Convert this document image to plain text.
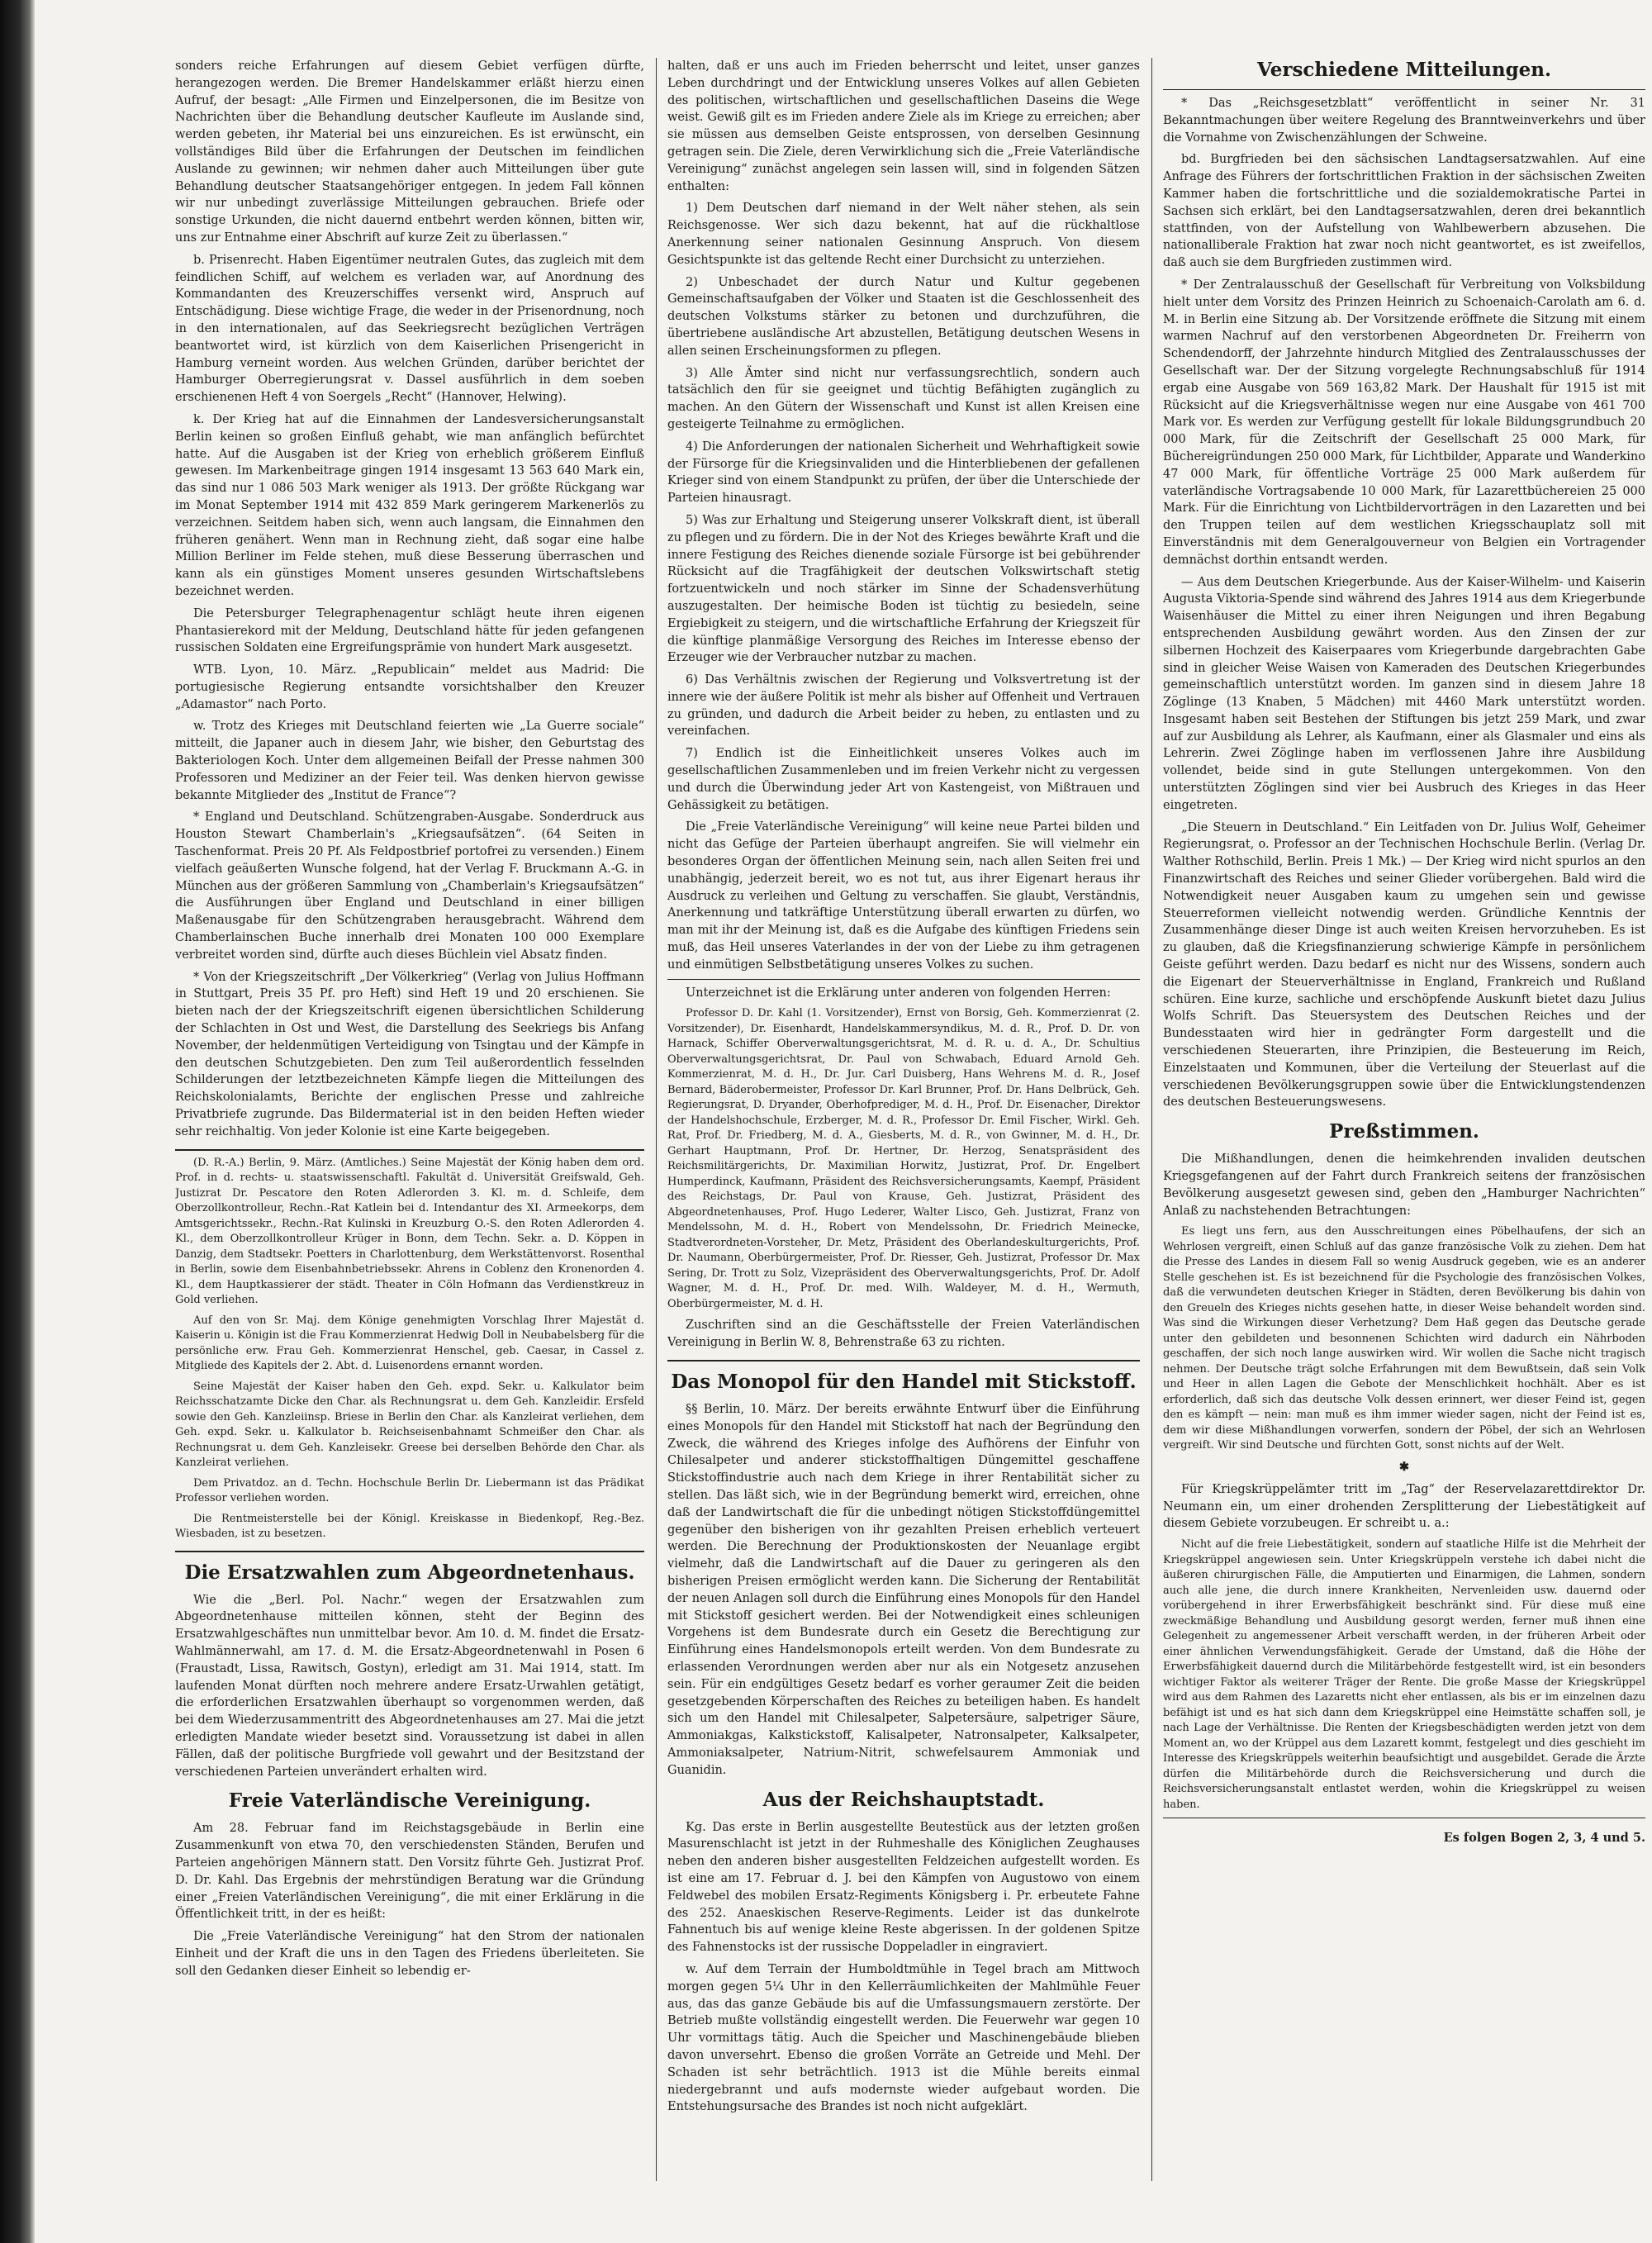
sonders reiche Erfahrungen auf diesem Gebiet verfügen dürfte, herangezogen werden. Die Bremer Handelskammer erläßt hierzu einen Aufruf, der besagt: „Alle Firmen und Einzelpersonen, die im Besitze von Nachrichten über die Behandlung deutscher Kaufleute im Auslande sind, werden gebeten, ihr Material bei uns einzureichen. Es ist erwünscht, ein vollständiges Bild über die Erfahrungen der Deutschen im feindlichen Auslande zu gewinnen; wir nehmen daher auch Mitteilungen über gute Behandlung deutscher Staatsangehöriger entgegen. In jedem Fall können wir nur unbedingt zuverlässige Mitteilungen gebrauchen. Briefe oder sonstige Urkunden, die nicht dauernd entbehrt werden können, bitten wir, uns zur Entnahme einer Abschrift auf kurze Zeit zu überlassen.“

b. Prisenrecht. Haben Eigentümer neutralen Gutes, das zugleich mit dem feindlichen Schiff, auf welchem es verladen war, auf Anordnung des Kommandanten des Kreuzerschiffes versenkt wird, Anspruch auf Entschädigung. Diese wichtige Frage, die weder in der Prisenordnung, noch in den internationalen, auf das Seekriegsrecht bezüglichen Verträgen beantwortet wird, ist kürzlich von dem Kaiserlichen Prisengericht in Hamburg verneint worden. Aus welchen Gründen, darüber berichtet der Hamburger Oberregierungsrat v. Dassel ausführlich in dem soeben erschienenen Heft 4 von Soergels „Recht“ (Hannover, Helwing).

k. Der Krieg hat auf die Einnahmen der Landesversicherungsanstalt Berlin keinen so großen Einfluß gehabt, wie man anfänglich befürchtet hatte. Auf die Ausgaben ist der Krieg von erheblich größerem Einfluß gewesen. Im Markenbeitrage gingen 1914 insgesamt 13 563 640 Mark ein, das sind nur 1 086 503 Mark weniger als 1913. Der größte Rückgang war im Monat September 1914 mit 432 859 Mark geringerem Markenerlös zu verzeichnen. Seitdem haben sich, wenn auch langsam, die Einnahmen den früheren genähert. Wenn man in Rechnung zieht, daß sogar eine halbe Million Berliner im Felde stehen, muß diese Besserung überraschen und kann als ein günstiges Moment unseres gesunden Wirtschaftslebens bezeichnet werden.

Die Petersburger Telegraphenagentur schlägt heute ihren eigenen Phantasierekord mit der Meldung, Deutschland hätte für jeden gefangenen russischen Soldaten eine Ergreifungsprämie von hundert Mark ausgesetzt.

WTB. Lyon, 10. März. „Republicain“ meldet aus Madrid: Die portugiesische Regierung entsandte vorsichtshalber den Kreuzer „Adamastor“ nach Porto.

w. Trotz des Krieges mit Deutschland feierten wie „La Guerre sociale“ mitteilt, die Japaner auch in diesem Jahr, wie bisher, den Geburtstag des Bakteriologen Koch. Unter dem allgemeinen Beifall der Presse nahmen 300 Professoren und Mediziner an der Feier teil. Was denken hiervon gewisse bekannte Mitglieder des „Institut de France“?

* England und Deutschland. Schützengraben-Ausgabe. Sonderdruck aus Houston Stewart Chamberlain's „Kriegsaufsätzen“. (64 Seiten in Taschenformat. Preis 20 Pf. Als Feldpostbrief portofrei zu versenden.) Einem vielfach geäußerten Wunsche folgend, hat der Verlag F. Bruckmann A.-G. in München aus der größeren Sammlung von „Chamberlain's Kriegsaufsätzen“ die Ausführungen über England und Deutschland in einer billigen Maßenausgabe für den Schützengraben herausgebracht. Während dem Chamberlainschen Buche innerhalb drei Monaten 100 000 Exemplare verbreitet worden sind, dürfte auch dieses Büchlein viel Absatz finden.

* Von der Kriegszeitschrift „Der Völkerkrieg“ (Verlag von Julius Hoffmann in Stuttgart, Preis 35 Pf. pro Heft) sind Heft 19 und 20 erschienen. Sie bieten nach der der Kriegszeitschrift eigenen übersichtlichen Schilderung der Schlachten in Ost und West, die Darstellung des Seekriegs bis Anfang November, der heldenmütigen Verteidigung von Tsingtau und der Kämpfe in den deutschen Schutzgebieten. Den zum Teil außerordentlich fesselnden Schilderungen der letztbezeichneten Kämpfe liegen die Mitteilungen des Reichskolonialamts, Berichte der englischen Presse und zahlreiche Privatbriefe zugrunde. Das Bildermaterial ist in den beiden Heften wieder sehr reichhaltig. Von jeder Kolonie ist eine Karte beigegeben.

(D. R.-A.) Berlin, 9. März. (Amtliches.) Seine Majestät der König haben dem ord. Prof. in d. rechts- u. staatswissenschaftl. Fakultät d. Universität Greifswald, Geh. Justizrat Dr. Pescatore den Roten Adlerorden 3. Kl. m. d. Schleife, dem Oberzollkontrolleur, Rechn.-Rat Katlein bei d. Intendantur des XI. Armeekorps, dem Amtsgerichtssekr., Rechn.-Rat Kulinski in Kreuzburg O.-S. den Roten Adlerorden 4. Kl., dem Oberzollkontrolleur Krüger in Bonn, dem Techn. Sekr. a. D. Köppen in Danzig, dem Stadtsekr. Poetters in Charlottenburg, dem Werkstättenvorst. Rosenthal in Berlin, sowie dem Eisenbahnbetriebssekr. Ahrens in Coblenz den Kronenorden 4. Kl., dem Hauptkassierer der städt. Theater in Cöln Hofmann das Verdienstkreuz in Gold verliehen.

Auf den von Sr. Maj. dem Könige genehmigten Vorschlag Ihrer Majestät d. Kaiserin u. Königin ist die Frau Kommerzienrat Hedwig Doll in Neubabelsberg für die persönliche erw. Frau Geh. Kommerzienrat Henschel, geb. Caesar, in Cassel z. Mitgliede des Kapitels der 2. Abt. d. Luisenordens ernannt worden.

Seine Majestät der Kaiser haben den Geh. expd. Sekr. u. Kalkulator beim Reichsschatzamte Dicke den Char. als Rechnungsrat u. dem Geh. Kanzleidir. Ersfeld sowie den Geh. Kanzleiinsp. Briese in Berlin den Char. als Kanzleirat verliehen, dem Geh. expd. Sekr. u. Kalkulator b. Reichseisenbahnamt Schmeißer den Char. als Rechnungsrat u. dem Geh. Kanzleisekr. Greese bei derselben Behörde den Char. als Kanzleirat verliehen.

Dem Privatdoz. an d. Techn. Hochschule Berlin Dr. Liebermann ist das Prädikat Professor verliehen worden.

Die Rentmeisterstelle bei der Königl. Kreiskasse in Biedenkopf, Reg.-Bez. Wiesbaden, ist zu besetzen.

Die Ersatzwahlen zum Abgeordnetenhaus.

Wie die „Berl. Pol. Nachr.“ wegen der Ersatzwahlen zum Abgeordnetenhause mitteilen können, steht der Beginn des Ersatzwahlgeschäftes nun unmittelbar bevor. Am 10. d. M. findet die Ersatz-Wahlmännerwahl, am 17. d. M. die Ersatz-Abgeordnetenwahl in Posen 6 (Fraustadt, Lissa, Rawitsch, Gostyn), erledigt am 31. Mai 1914, statt. Im laufenden Monat dürften noch mehrere andere Ersatz-Urwahlen getätigt, die erforderlichen Ersatzwahlen überhaupt so vorgenommen werden, daß bei dem Wiederzusammentritt des Abgeordnetenhauses am 27. Mai die jetzt erledigten Mandate wieder besetzt sind. Voraussetzung ist dabei in allen Fällen, daß der politische Burgfriede voll gewahrt und der Besitzstand der verschiedenen Parteien unverändert erhalten wird.

Freie Vaterländische Vereinigung.

Am 28. Februar fand im Reichstagsgebäude in Berlin eine Zusammenkunft von etwa 70, den verschiedensten Ständen, Berufen und Parteien angehörigen Männern statt. Den Vorsitz führte Geh. Justizrat Prof. D. Dr. Kahl. Das Ergebnis der mehrstündigen Beratung war die Gründung einer „Freien Vaterländischen Vereinigung“, die mit einer Erklärung in die Öffentlichkeit tritt, in der es heißt:

Die „Freie Vaterländische Vereinigung“ hat den Strom der nationalen Einheit und der Kraft die uns in den Tagen des Friedens überleiteten. Sie soll den Gedanken dieser Einheit so lebendig er-

halten, daß er uns auch im Frieden beherrscht und leitet, unser ganzes Leben durchdringt und der Entwicklung unseres Volkes auf allen Gebieten des politischen, wirtschaftlichen und gesellschaftlichen Daseins die Wege weist. Gewiß gilt es im Frieden andere Ziele als im Kriege zu erreichen; aber sie müssen aus demselben Geiste entsprossen, von derselben Gesinnung getragen sein. Die Ziele, deren Verwirklichung sich die „Freie Vaterländische Vereinigung“ zunächst angelegen sein lassen will, sind in folgenden Sätzen enthalten:

1) Dem Deutschen darf niemand in der Welt näher stehen, als sein Reichsgenosse. Wer sich dazu bekennt, hat auf die rückhaltlose Anerkennung seiner nationalen Gesinnung Anspruch. Von diesem Gesichtspunkte ist das geltende Recht einer Durchsicht zu unterziehen.

2) Unbeschadet der durch Natur und Kultur gegebenen Gemeinschaftsaufgaben der Völker und Staaten ist die Geschlossenheit des deutschen Volkstums stärker zu betonen und durchzuführen, die übertriebene ausländische Art abzustellen, Betätigung deutschen Wesens in allen seinen Erscheinungsformen zu pflegen.

3) Alle Ämter sind nicht nur verfassungsrechtlich, sondern auch tatsächlich den für sie geeignet und tüchtig Befähigten zugänglich zu machen. An den Gütern der Wissenschaft und Kunst ist allen Kreisen eine gesteigerte Teilnahme zu ermöglichen.

4) Die Anforderungen der nationalen Sicherheit und Wehrhaftigkeit sowie der Fürsorge für die Kriegsinvaliden und die Hinterbliebenen der gefallenen Krieger sind von einem Standpunkt zu prüfen, der über die Unterschiede der Parteien hinausragt.

5) Was zur Erhaltung und Steigerung unserer Volkskraft dient, ist überall zu pflegen und zu fördern. Die in der Not des Krieges bewährte Kraft und die innere Festigung des Reiches dienende soziale Fürsorge ist bei gebührender Rücksicht auf die Tragfähigkeit der deutschen Volkswirtschaft stetig fortzuentwickeln und noch stärker im Sinne der Schadensverhütung auszugestalten. Der heimische Boden ist tüchtig zu besiedeln, seine Ergiebigkeit zu steigern, und die wirtschaftliche Erfahrung der Kriegszeit für die künftige planmäßige Versorgung des Reiches im Interesse ebenso der Erzeuger wie der Verbraucher nutzbar zu machen.

6) Das Verhältnis zwischen der Regierung und Volksvertretung ist der innere wie der äußere Politik ist mehr als bisher auf Offenheit und Vertrauen zu gründen, und dadurch die Arbeit beider zu heben, zu entlasten und zu vereinfachen.

7) Endlich ist die Einheitlichkeit unseres Volkes auch im gesellschaftlichen Zusammenleben und im freien Verkehr nicht zu vergessen und durch die Überwindung jeder Art von Kastengeist, von Mißtrauen und Gehässigkeit zu betätigen.

Die „Freie Vaterländische Vereinigung“ will keine neue Partei bilden und nicht das Gefüge der Parteien überhaupt angreifen. Sie will vielmehr ein besonderes Organ der öffentlichen Meinung sein, nach allen Seiten frei und unabhängig, jederzeit bereit, wo es not tut, aus ihrer Eigenart heraus ihr Ausdruck zu verleihen und Geltung zu verschaffen. Sie glaubt, Verständnis, Anerkennung und tatkräftige Unterstützung überall erwarten zu dürfen, wo man mit ihr der Meinung ist, daß es die Aufgabe des künftigen Friedens sein muß, das Heil unseres Vaterlandes in der von der Liebe zu ihm getragenen und einmütigen Selbstbetätigung unseres Volkes zu suchen.

Unterzeichnet ist die Erklärung unter anderen von folgenden Herren:

Professor D. Dr. Kahl (1. Vorsitzender), Ernst von Borsig, Geh. Kommerzienrat (2. Vorsitzender), Dr. Eisenhardt, Handelskammersyndikus, M. d. R., Prof. D. Dr. von Harnack, Schiffer Oberverwaltungsgerichtsrat, M. d. R. u. d. A., Dr. Schultius Oberverwaltungsgerichtsrat, Dr. Paul von Schwabach, Eduard Arnold Geh. Kommerzienrat, M. d. H., Dr. Jur. Carl Duisberg, Hans Wehrens M. d. R., Josef Bernard, Bäderobermeister, Professor Dr. Karl Brunner, Prof. Dr. Hans Delbrück, Geh. Regierungsrat, D. Dryander, Oberhofprediger, M. d. H., Prof. Dr. Eisenacher, Direktor der Handelshochschule, Erzberger, M. d. R., Professor Dr. Emil Fischer, Wirkl. Geh. Rat, Prof. Dr. Friedberg, M. d. A., Giesberts, M. d. R., von Gwinner, M. d. H., Dr. Gerhart Hauptmann, Prof. Dr. Hertner, Dr. Herzog, Senatspräsident des Reichsmilitärgerichts, Dr. Maximilian Horwitz, Justizrat, Prof. Dr. Engelbert Humperdinck, Kaufmann, Präsident des Reichsversicherungsamts, Kaempf, Präsident des Reichstags, Dr. Paul von Krause, Geh. Justizrat, Präsident des Abgeordnetenhauses, Prof. Hugo Lederer, Walter Lisco, Geh. Justizrat, Franz von Mendelssohn, M. d. H., Robert von Mendelssohn, Dr. Friedrich Meinecke, Stadtverordneten-Vorsteher, Dr. Metz, Präsident des Oberlandeskulturgerichts, Prof. Dr. Naumann, Oberbürgermeister, Prof. Dr. Riesser, Geh. Justizrat, Professor Dr. Max Sering, Dr. Trott zu Solz, Vizepräsident des Oberverwaltungsgerichts, Prof. Dr. Adolf Wagner, M. d. H., Prof. Dr. med. Wilh. Waldeyer, M. d. H., Wermuth, Oberbürgermeister, M. d. H.

Zuschriften sind an die Geschäftsstelle der Freien Vaterländischen Vereinigung in Berlin W. 8, Behrenstraße 63 zu richten.

Das Monopol für den Handel mit Stickstoff.

§§ Berlin, 10. März. Der bereits erwähnte Entwurf über die Einführung eines Monopols für den Handel mit Stickstoff hat nach der Begründung den Zweck, die während des Krieges infolge des Aufhörens der Einfuhr von Chilesalpeter und anderer stickstoffhaltigen Düngemittel geschaffene Stickstoffindustrie auch nach dem Kriege in ihrer Rentabilität sicher zu stellen. Das läßt sich, wie in der Begründung bemerkt wird, erreichen, ohne daß der Landwirtschaft die für die unbedingt nötigen Stickstoffdüngemittel gegenüber den bisherigen von ihr gezahlten Preisen erheblich verteuert werden. Die Berechnung der Produktionskosten der Neuanlage ergibt vielmehr, daß die Landwirtschaft auf die Dauer zu geringeren als den bisherigen Preisen ermöglicht werden kann. Die Sicherung der Rentabilität der neuen Anlagen soll durch die Einführung eines Monopols für den Handel mit Stickstoff gesichert werden. Bei der Notwendigkeit eines schleunigen Vorgehens ist dem Bundesrate durch ein Gesetz die Berechtigung zur Einführung eines Handelsmonopols erteilt werden. Von dem Bundesrate zu erlassenden Verordnungen werden aber nur als ein Notgesetz anzusehen sein. Für ein endgültiges Gesetz bedarf es vorher geraumer Zeit die beiden gesetzgebenden Körperschaften des Reiches zu beteiligen haben. Es handelt sich um den Handel mit Chilesalpeter, Salpetersäure, salpetriger Säure, Ammoniakgas, Kalkstickstoff, Kalisalpeter, Natronsalpeter, Kalksalpeter, Ammoniaksalpeter, Natrium-Nitrit, schwefelsaurem Ammoniak und Guanidin.

Aus der Reichshauptstadt.

Kg. Das erste in Berlin ausgestellte Beutestück aus der letzten großen Masurenschlacht ist jetzt in der Ruhmeshalle des Königlichen Zeughauses neben den anderen bisher ausgestellten Feldzeichen aufgestellt worden. Es ist eine am 17. Februar d. J. bei den Kämpfen von Augustowo von einem Feldwebel des mobilen Ersatz-Regiments Königsberg i. Pr. erbeutete Fahne des 252. Anaeskischen Reserve-Regiments. Leider ist das dunkelrote Fahnentuch bis auf wenige kleine Reste abgerissen. In der goldenen Spitze des Fahnenstocks ist der russische Doppeladler in eingraviert.

w. Auf dem Terrain der Humboldtmühle in Tegel brach am Mittwoch morgen gegen 5¼ Uhr in den Kellerräumlichkeiten der Mahlmühle Feuer aus, das das ganze Gebäude bis auf die Umfassungsmauern zerstörte. Der Betrieb mußte vollständig eingestellt werden. Die Feuerwehr war gegen 10 Uhr vormittags tätig. Auch die Speicher und Maschinengebäude blieben davon unversehrt. Ebenso die großen Vorräte an Getreide und Mehl. Der Schaden ist sehr beträchtlich. 1913 ist die Mühle bereits einmal niedergebrannt und aufs modernste wieder aufgebaut worden. Die Entstehungsursache des Brandes ist noch nicht aufgeklärt.

Verschiedene Mitteilungen.

* Das „Reichsgesetzblatt“ veröffentlicht in seiner Nr. 31 Bekanntmachungen über weitere Regelung des Branntweinverkehrs und über die Vornahme von Zwischenzählungen der Schweine.

bd. Burgfrieden bei den sächsischen Landtagsersatzwahlen. Auf eine Anfrage des Führers der fortschrittlichen Fraktion in der sächsischen Zweiten Kammer haben die fortschrittliche und die sozialdemokratische Partei in Sachsen sich erklärt, bei den Landtagsersatzwahlen, deren drei bekanntlich stattfinden, von der Aufstellung von Wahlbewerbern abzusehen. Die nationalliberale Fraktion hat zwar noch nicht geantwortet, es ist zweifellos, daß auch sie dem Burgfrieden zustimmen wird.

* Der Zentralausschuß der Gesellschaft für Verbreitung von Volksbildung hielt unter dem Vorsitz des Prinzen Heinrich zu Schoenaich-Carolath am 6. d. M. in Berlin eine Sitzung ab. Der Vorsitzende eröffnete die Sitzung mit einem warmen Nachruf auf den verstorbenen Abgeordneten Dr. Freiherrn von Schendendorff, der Jahrzehnte hindurch Mitglied des Zentralausschusses der Gesellschaft war. Der der Sitzung vorgelegte Rechnungsabschluß für 1914 ergab eine Ausgabe von 569 163,82 Mark. Der Haushalt für 1915 ist mit Rücksicht auf die Kriegsverhältnisse wegen nur eine Ausgabe von 461 700 Mark vor. Es werden zur Verfügung gestellt für lokale Bildungsgrundbuch 20 000 Mark, für die Zeitschrift der Gesellschaft 25 000 Mark, für Büchereigründungen 250 000 Mark, für Lichtbilder, Apparate und Wanderkino 47 000 Mark, für öffentliche Vorträge 25 000 Mark außerdem für vaterländische Vortragsabende 10 000 Mark, für Lazarettbüchereien 25 000 Mark. Für die Einrichtung von Lichtbildervorträgen in den Lazaretten und bei den Truppen teilen auf dem westlichen Kriegsschauplatz soll mit Einverständnis mit dem Generalgouverneur von Belgien ein Vortragender demnächst dorthin entsandt werden.

— Aus dem Deutschen Kriegerbunde. Aus der Kaiser-Wilhelm- und Kaiserin Augusta Viktoria-Spende sind während des Jahres 1914 aus dem Kriegerbunde Waisenhäuser die Mittel zu einer ihren Neigungen und ihren Begabung entsprechenden Ausbildung gewährt worden. Aus den Zinsen der zur silbernen Hochzeit des Kaiserpaares vom Kriegerbunde dargebrachten Gabe sind in gleicher Weise Waisen von Kameraden des Deutschen Kriegerbundes gemeinschaftlich unterstützt worden. Im ganzen sind in diesem Jahre 18 Zöglinge (13 Knaben, 5 Mädchen) mit 4460 Mark unterstützt worden. Insgesamt haben seit Bestehen der Stiftungen bis jetzt 259 Mark, und zwar auf zur Ausbildung als Lehrer, als Kaufmann, einer als Glasmaler und eins als Lehrerin. Zwei Zöglinge haben im verflossenen Jahre ihre Ausbildung vollendet, beide sind in gute Stellungen untergekommen. Von den unterstützten Zöglingen sind vier bei Ausbruch des Krieges in das Heer eingetreten.

„Die Steuern in Deutschland.“ Ein Leitfaden von Dr. Julius Wolf, Geheimer Regierungsrat, o. Professor an der Technischen Hochschule Berlin. (Verlag Dr. Walther Rothschild, Berlin. Preis 1 Mk.) — Der Krieg wird nicht spurlos an den Finanzwirtschaft des Reiches und seiner Glieder vorübergehen. Bald wird die Notwendigkeit neuer Ausgaben kaum zu umgehen sein und gewisse Steuerreformen vielleicht notwendig werden. Gründliche Kenntnis der Zusammenhänge dieser Dinge ist auch weiten Kreisen hervorzuheben. Es ist zu glauben, daß die Kriegsfinanzierung schwierige Kämpfe in persönlichem Geiste geführt werden. Dazu bedarf es nicht nur des Wissens, sondern auch die Eigenart der Steuerverhältnisse in England, Frankreich und Rußland schüren. Eine kurze, sachliche und erschöpfende Auskunft bietet dazu Julius Wolfs Schrift. Das Steuersystem des Deutschen Reiches und der Bundesstaaten wird hier in gedrängter Form dargestellt und die verschiedenen Steuerarten, ihre Prinzipien, die Besteuerung im Reich, Einzelstaaten und Kommunen, über die Verteilung der Steuerlast auf die verschiedenen Bevölkerungsgruppen sowie über die Entwicklungstendenzen des deutschen Besteuerungswesens.

Preßstimmen.

Die Mißhandlungen, denen die heimkehrenden invaliden deutschen Kriegsgefangenen auf der Fahrt durch Frankreich seitens der französischen Bevölkerung ausgesetzt gewesen sind, geben den „Hamburger Nachrichten“ Anlaß zu nachstehenden Betrachtungen:

Es liegt uns fern, aus den Ausschreitungen eines Pöbelhaufens, der sich an Wehrlosen vergreift, einen Schluß auf das ganze französische Volk zu ziehen. Dem hat die Presse des Landes in diesem Fall so wenig Ausdruck gegeben, wie es an anderer Stelle geschehen ist. Es ist bezeichnend für die Psychologie des französischen Volkes, daß die verwundeten deutschen Krieger in Städten, deren Bevölkerung bis dahin von den Greueln des Krieges nichts gesehen hatte, in dieser Weise behandelt worden sind. Was sind die Wirkungen dieser Verhetzung? Dem Haß gegen das Deutsche gerade unter den gebildeten und besonnenen Schichten wird dadurch ein Nährboden geschaffen, der sich noch lange auswirken wird. Wir wollen die Sache nicht tragisch nehmen. Der Deutsche trägt solche Erfahrungen mit dem Bewußtsein, daß sein Volk und Heer in allen Lagen die Gebote der Menschlichkeit hochhält. Aber es ist erforderlich, daß sich das deutsche Volk dessen erinnert, wer dieser Feind ist, gegen den es kämpft — nein: man muß es ihm immer wieder sagen, nicht der Feind ist es, dem wir diese Mißhandlungen vorwerfen, sondern der Pöbel, der sich an Wehrlosen vergreift. Wir sind Deutsche und fürchten Gott, sonst nichts auf der Welt.

✱

Für Kriegskrüppelämter tritt im „Tag“ der Reservelazarettdirektor Dr. Neumann ein, um einer drohenden Zersplitterung der Liebestätigkeit auf diesem Gebiete vorzubeugen. Er schreibt u. a.:

Nicht auf die freie Liebestätigkeit, sondern auf staatliche Hilfe ist die Mehrheit der Kriegskrüppel angewiesen sein. Unter Kriegskrüppeln verstehe ich dabei nicht die äußeren chirurgischen Fälle, die Amputierten und Einarmigen, die Lahmen, sondern auch alle jene, die durch innere Krankheiten, Nervenleiden usw. dauernd oder vorübergehend in ihrer Erwerbsfähigkeit beschränkt sind. Für diese muß eine zweckmäßige Behandlung und Ausbildung gesorgt werden, ferner muß ihnen eine Gelegenheit zu angemessener Arbeit verschafft werden, in der früheren Arbeit oder einer ähnlichen Verwendungsfähigkeit. Gerade der Umstand, daß die Höhe der Erwerbsfähigkeit dauernd durch die Militärbehörde festgestellt wird, ist ein besonders wichtiger Faktor als weiterer Träger der Rente. Die große Masse der Kriegskrüppel wird aus dem Rahmen des Lazaretts nicht eher entlassen, als bis er im einzelnen dazu befähigt ist und es hat sich dann dem Kriegskrüppel eine Heimstätte schaffen soll, je nach Lage der Verhältnisse. Die Renten der Kriegsbeschädigten werden jetzt von dem Moment an, wo der Krüppel aus dem Lazarett kommt, festgelegt und dies geschieht im Interesse des Kriegskrüppels weiterhin beaufsichtigt und ausgebildet. Gerade die Ärzte dürfen die Militärbehörde durch die Reichsversicherung und durch die Reichsversicherungsanstalt entlastet werden, wohin die Kriegskrüppel zu weisen haben.

Es folgen Bogen 2, 3, 4 und 5.
